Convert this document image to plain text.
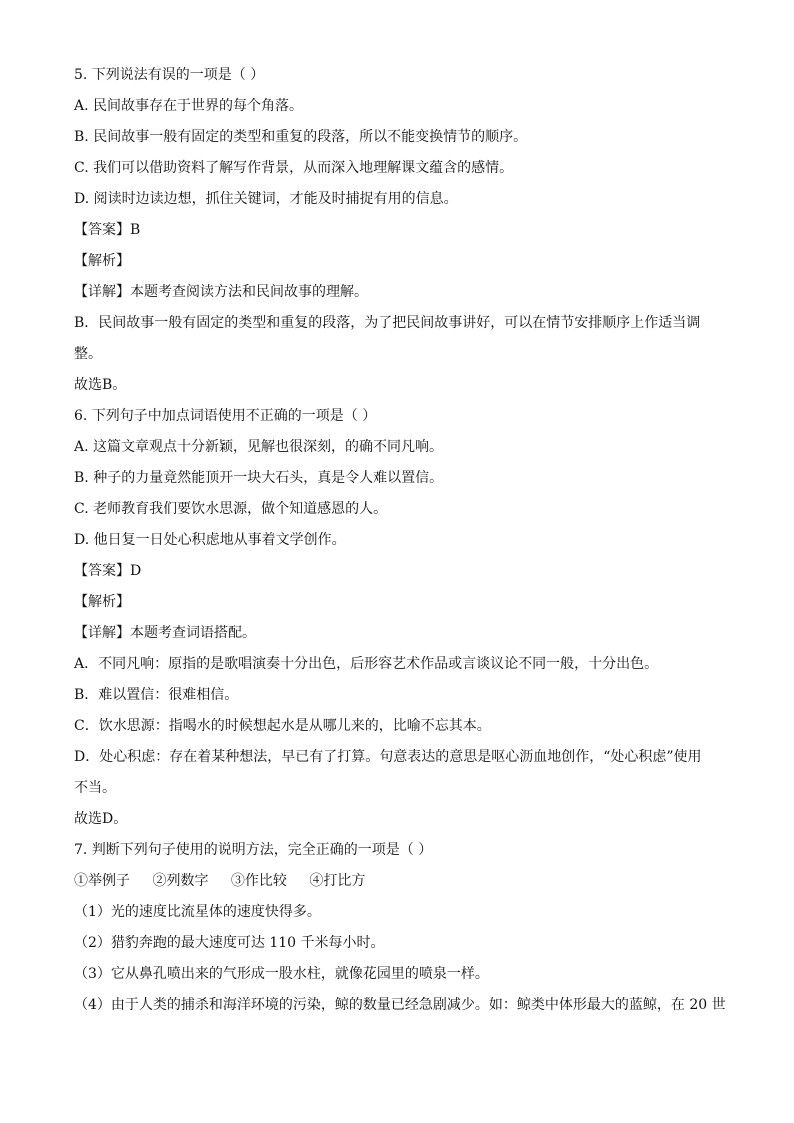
5. 下列说法有误的一项是（ ）
A. 民间故事存在于世界的每个角落。
B. 民间故事一般有固定的类型和重复的段落，所以不能变换情节的顺序。
C. 我们可以借助资料了解写作背景，从而深入地理解课文蕴含的感情。
D. 阅读时边读边想，抓住关键词，才能及时捕捉有用的信息。
【答案】B
【解析】
【详解】本题考查阅读方法和民间故事的理解。
B．民间故事一般有固定的类型和重复的段落，为了把民间故事讲好，可以在情节安排顺序上作适当调
整。
故选B。
6. 下列句子中加点词语使用不正确的一项是（ ）
A. 这篇文章观点十分新颖，见解也很深刻，的确不同凡响。
B. 种子的力量竟然能顶开一块大石头，真是令人难以置信。
C. 老师教育我们要饮水思源，做个知道感恩的人。
D. 他日复一日处心积虑地从事着文学创作。
【答案】D
【解析】
【详解】本题考查词语搭配。
A．不同凡响：原指的是歌唱演奏十分出色，后形容艺术作品或言谈议论不同一般，十分出色。
B．难以置信：很难相信。
C．饮水思源：指喝水的时候想起水是从哪儿来的，比喻不忘其本。
D．处心积虑：存在着某种想法，早已有了打算。句意表达的意思是呕心沥血地创作，“处心积虑”使用
不当。
故选D。
7. 判断下列句子使用的说明方法，完全正确的一项是（ ）
①举例子 ②列数字 ③作比较 ④打比方
（1）光的速度比流星体的速度快得多。
（2）猎豹奔跑的最大速度可达 110 千米每小时。
（3）它从鼻孔喷出来的气形成一股水柱，就像花园里的喷泉一样。
（4）由于人类的捕杀和海洋环境的污染，鲸的数量已经急剧减少。如：鲸类中体形最大的蓝鲸，在 20 世
